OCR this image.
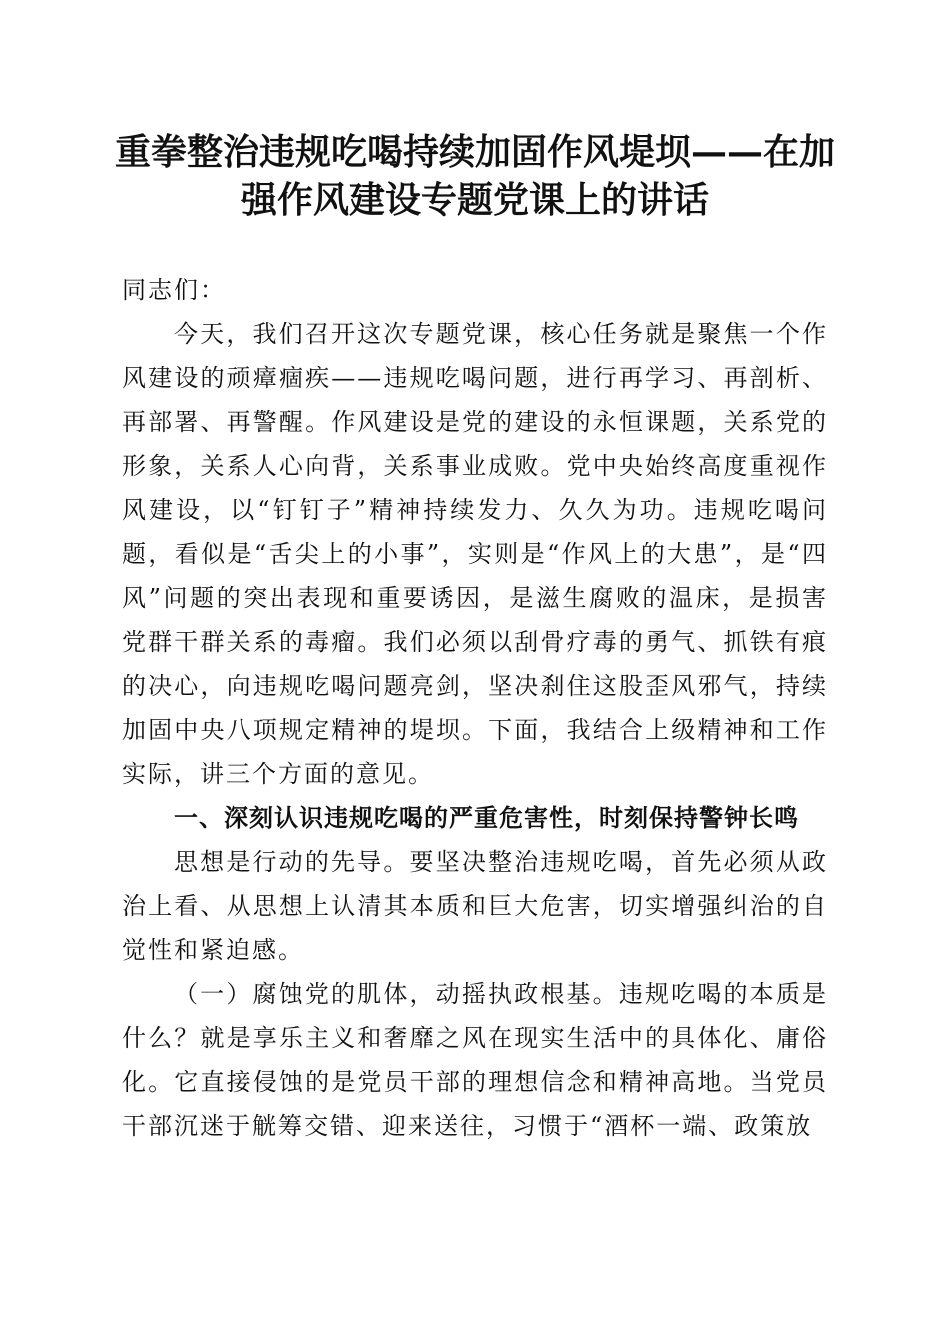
重拳整治违规吃喝持续加固作风堤坝——在加
强作风建设专题党课上的讲话

同志们：

今天，我们召开这次专题党课，核心任务就是聚焦一个作风建设的顽瘴痼疾——违规吃喝问题，进行再学习、再剖析、再部署、再警醒。作风建设是党的建设的永恒课题，关系党的形象，关系人心向背，关系事业成败。党中央始终高度重视作风建设，以“钉钉子”精神持续发力、久久为功。违规吃喝问题，看似是“舌尖上的小事”，实则是“作风上的大患”，是“四风”问题的突出表现和重要诱因，是滋生腐败的温床，是损害党群干群关系的毒瘤。我们必须以刮骨疗毒的勇气、抓铁有痕的决心，向违规吃喝问题亮剑，坚决刹住这股歪风邪气，持续加固中央八项规定精神的堤坝。下面，我结合上级精神和工作实际，讲三个方面的意见。

一、深刻认识违规吃喝的严重危害性，时刻保持警钟长鸣

思想是行动的先导。要坚决整治违规吃喝，首先必须从政治上看、从思想上认清其本质和巨大危害，切实增强纠治的自觉性和紧迫感。

（一）腐蚀党的肌体，动摇执政根基。违规吃喝的本质是什么？就是享乐主义和奢靡之风在现实生活中的具体化、庸俗化。它直接侵蚀的是党员干部的理想信念和精神高地。当党员干部沉迷于觥筹交错、迎来送往，习惯于“酒杯一端、政策放
